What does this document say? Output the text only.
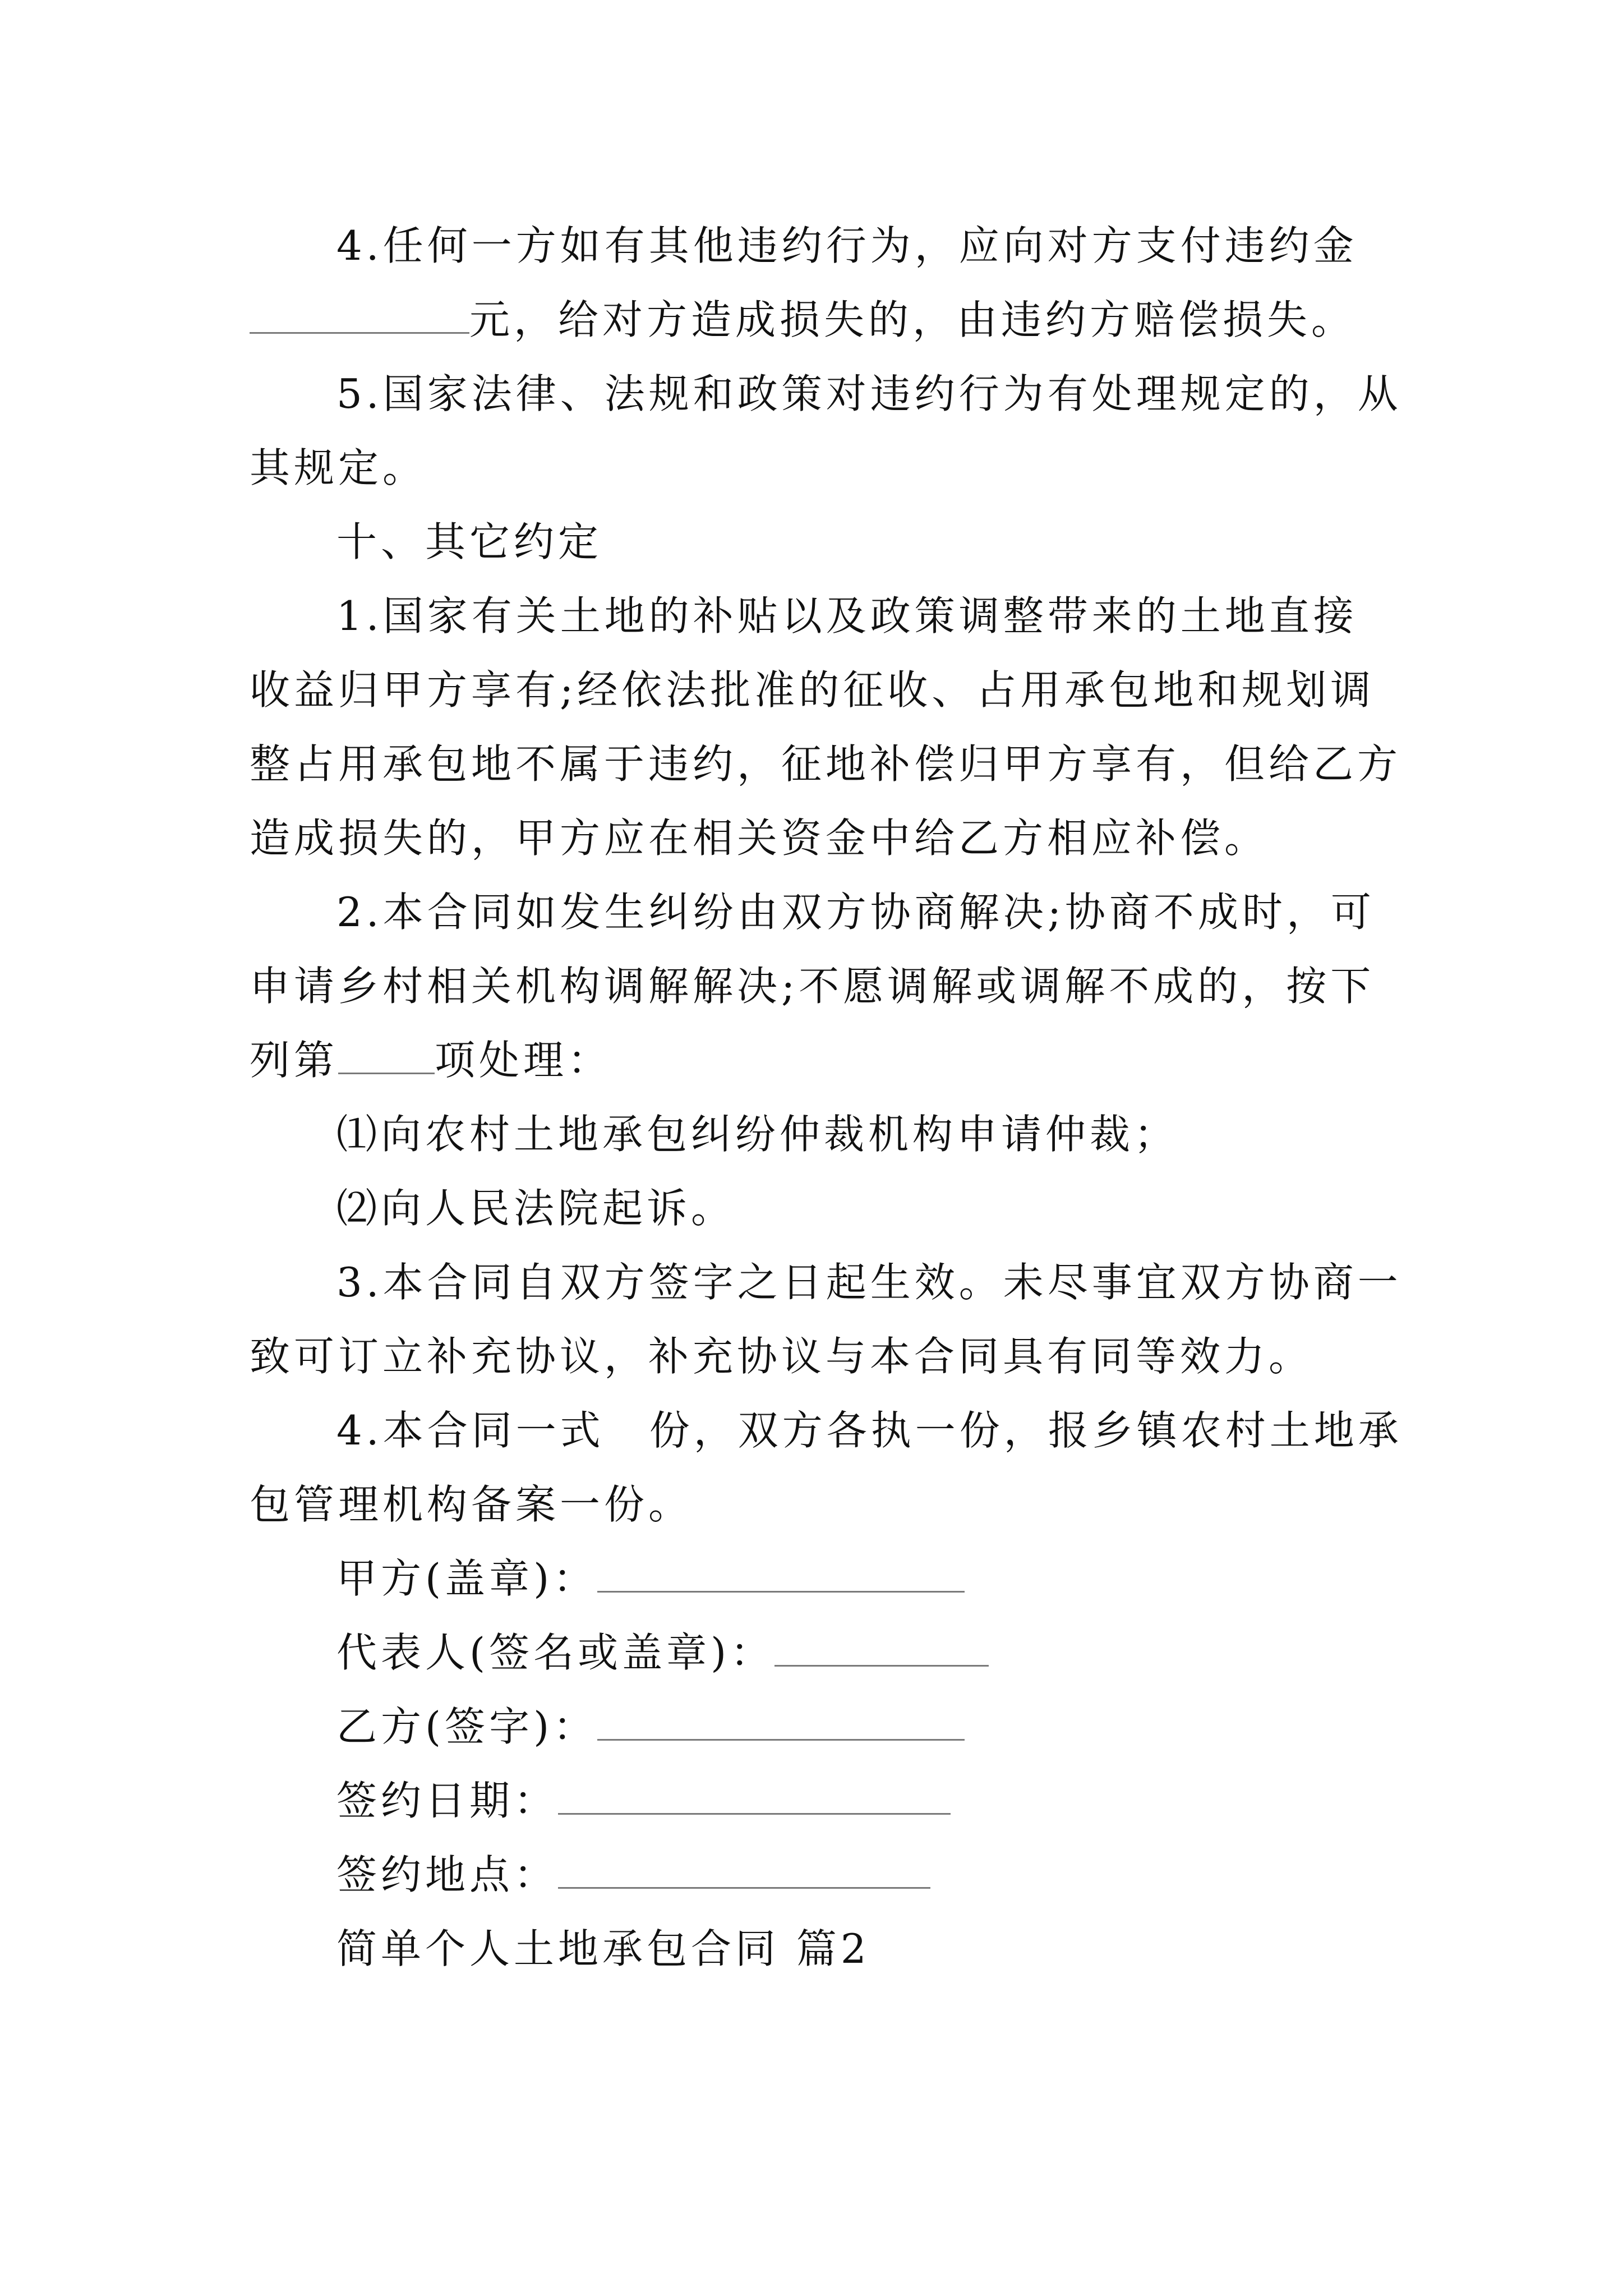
4.任何一方如有其他违约行为，应向对方支付违约金
元，给对方造成损失的，由违约方赔偿损失。
5.国家法律、法规和政策对违约行为有处理规定的，从
其规定。
十、其它约定
1.国家有关土地的补贴以及政策调整带来的土地直接
收益归甲方享有;经依法批准的征收、占用承包地和规划调
整占用承包地不属于违约，征地补偿归甲方享有，但给乙方
造成损失的，甲方应在相关资金中给乙方相应补偿。
2.本合同如发生纠纷由双方协商解决;协商不成时，可
申请乡村相关机构调解解决;不愿调解或调解不成的，按下
列第 项处理：
⑴向农村土地承包纠纷仲裁机构申请仲裁；
⑵向人民法院起诉。
3.本合同自双方签字之日起生效。未尽事宜双方协商一
致可订立补充协议，补充协议与本合同具有同等效力。
4.本合同一式 份，双方各执一份，报乡镇农村土地承
包管理机构备案一份。
甲方(盖章)：
代表人(签名或盖章)：
乙方(签字)：
签约日期：
签约地点：
简单个人土地承包合同 篇2
